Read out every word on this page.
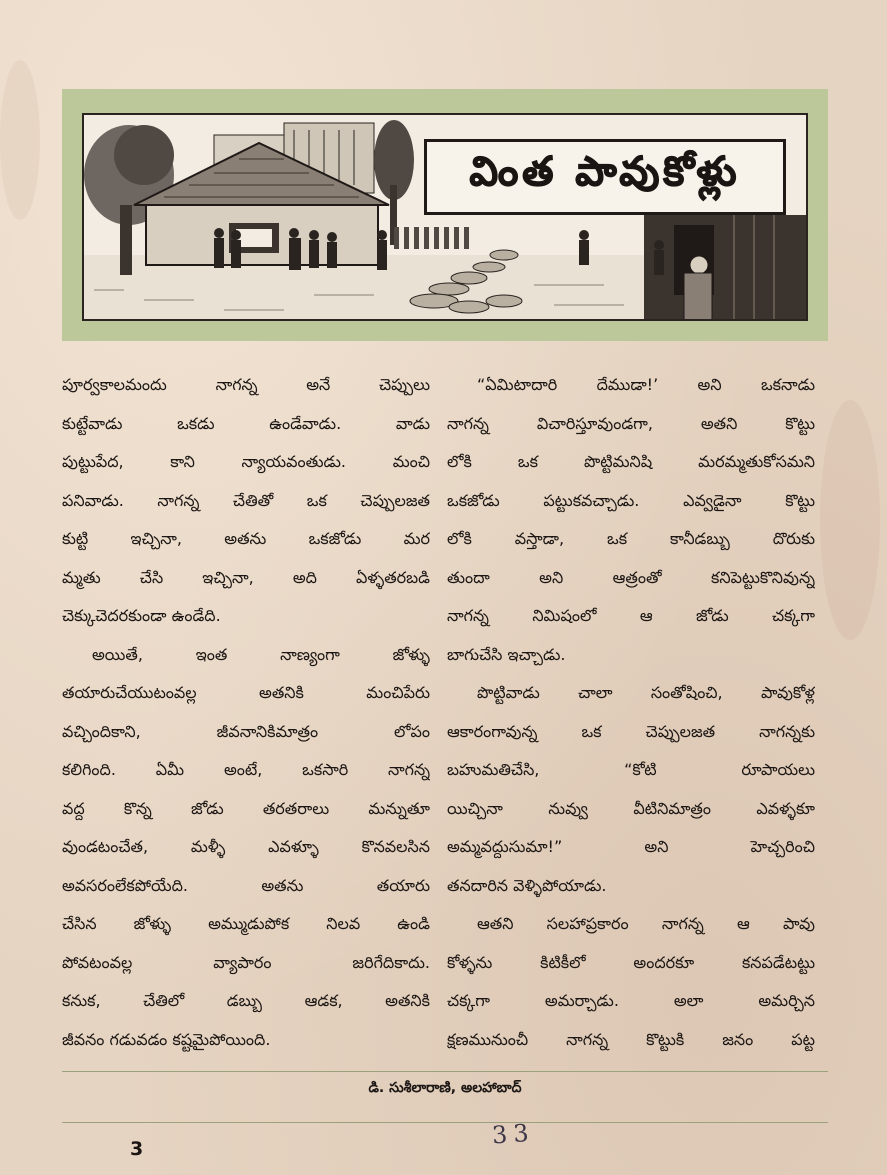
వింత పావుకోళ్లు
పూర్వకాలమందు నాగన్న అనే చెప్పులు
కుట్టేవాడు ఒకడు ఉండేవాడు. వాడు
పుట్టుపేద, కాని న్యాయవంతుడు. మంచి
పనివాడు. నాగన్న చేతితో ఒక చెప్పులజత
కుట్టి ఇచ్చినా, అతను ఒకజోడు మర
మ్మతు చేసి ఇచ్చినా, అది ఏళ్ళతరబడి
చెక్కుచెదరకుండా ఉండేది.
అయితే, ఇంత నాణ్యంగా జోళ్ళు
తయారుచేయుటంవల్ల అతనికి మంచిపేరు
వచ్చిందికాని, జీవనానికిమాత్రం లోపం
కలిగింది. ఏమీ అంటే, ఒకసారి నాగన్న
వద్ద కొన్న జోడు తరతరాలు మన్నుతూ
వుండటంచేత, మళ్ళీ ఎవళ్ళూ కొనవలసిన
అవసరంలేకపోయేది. అతను తయారు
చేసిన జోళ్ళు అమ్ముడుపోక నిలవ ఉండి
పోవటంవల్ల వ్యాపారం జరిగేదికాదు.
కనుక, చేతిలో డబ్బు ఆడక, అతనికి
జీవనం గడువడం కష్టమైపోయింది.
“ఏమిటాదారి దేముడా!’ అని ఒకనాడు
నాగన్న విచారిస్తూవుండగా, అతని కొట్టు
లోకి ఒక పొట్టిమనిషి మరమ్మతుకోసమని
ఒకజోడు పట్టుకవచ్చాడు. ఎవ్వడైనా కొట్టు
లోకి వస్తాడా, ఒక కానీడబ్బు దొరుకు
తుందా అని ఆత్రంతో కనిపెట్టుకొనివున్న
నాగన్న నిమిషంలో ఆ జోడు చక్కగా
బాగుచేసి ఇచ్చాడు.
పొట్టివాడు చాలా సంతోషించి, పావుకోళ్ల
ఆకారంగావున్న ఒక చెప్పులజత నాగన్నకు
బహుమతిచేసి, “కోటి రూపాయలు
యిచ్చినా నువ్వు వీటినిమాత్రం ఎవళ్ళకూ
అమ్మవద్దుసుమా!” అని హెచ్చరించి
తనదారిన వెళ్ళిపోయాడు.
ఆతని సలహాప్రకారం నాగన్న ఆ పావు
కోళ్ళను కిటికీలో అందరకూ కనపడేటట్టు
చక్కగా అమర్చాడు. అలా అమర్చిన
క్షణమునుంచీ నాగన్న కొట్టుకి జనం పట్ట
డి. సుశీలారాణి, అలహాబాద్
3	33
